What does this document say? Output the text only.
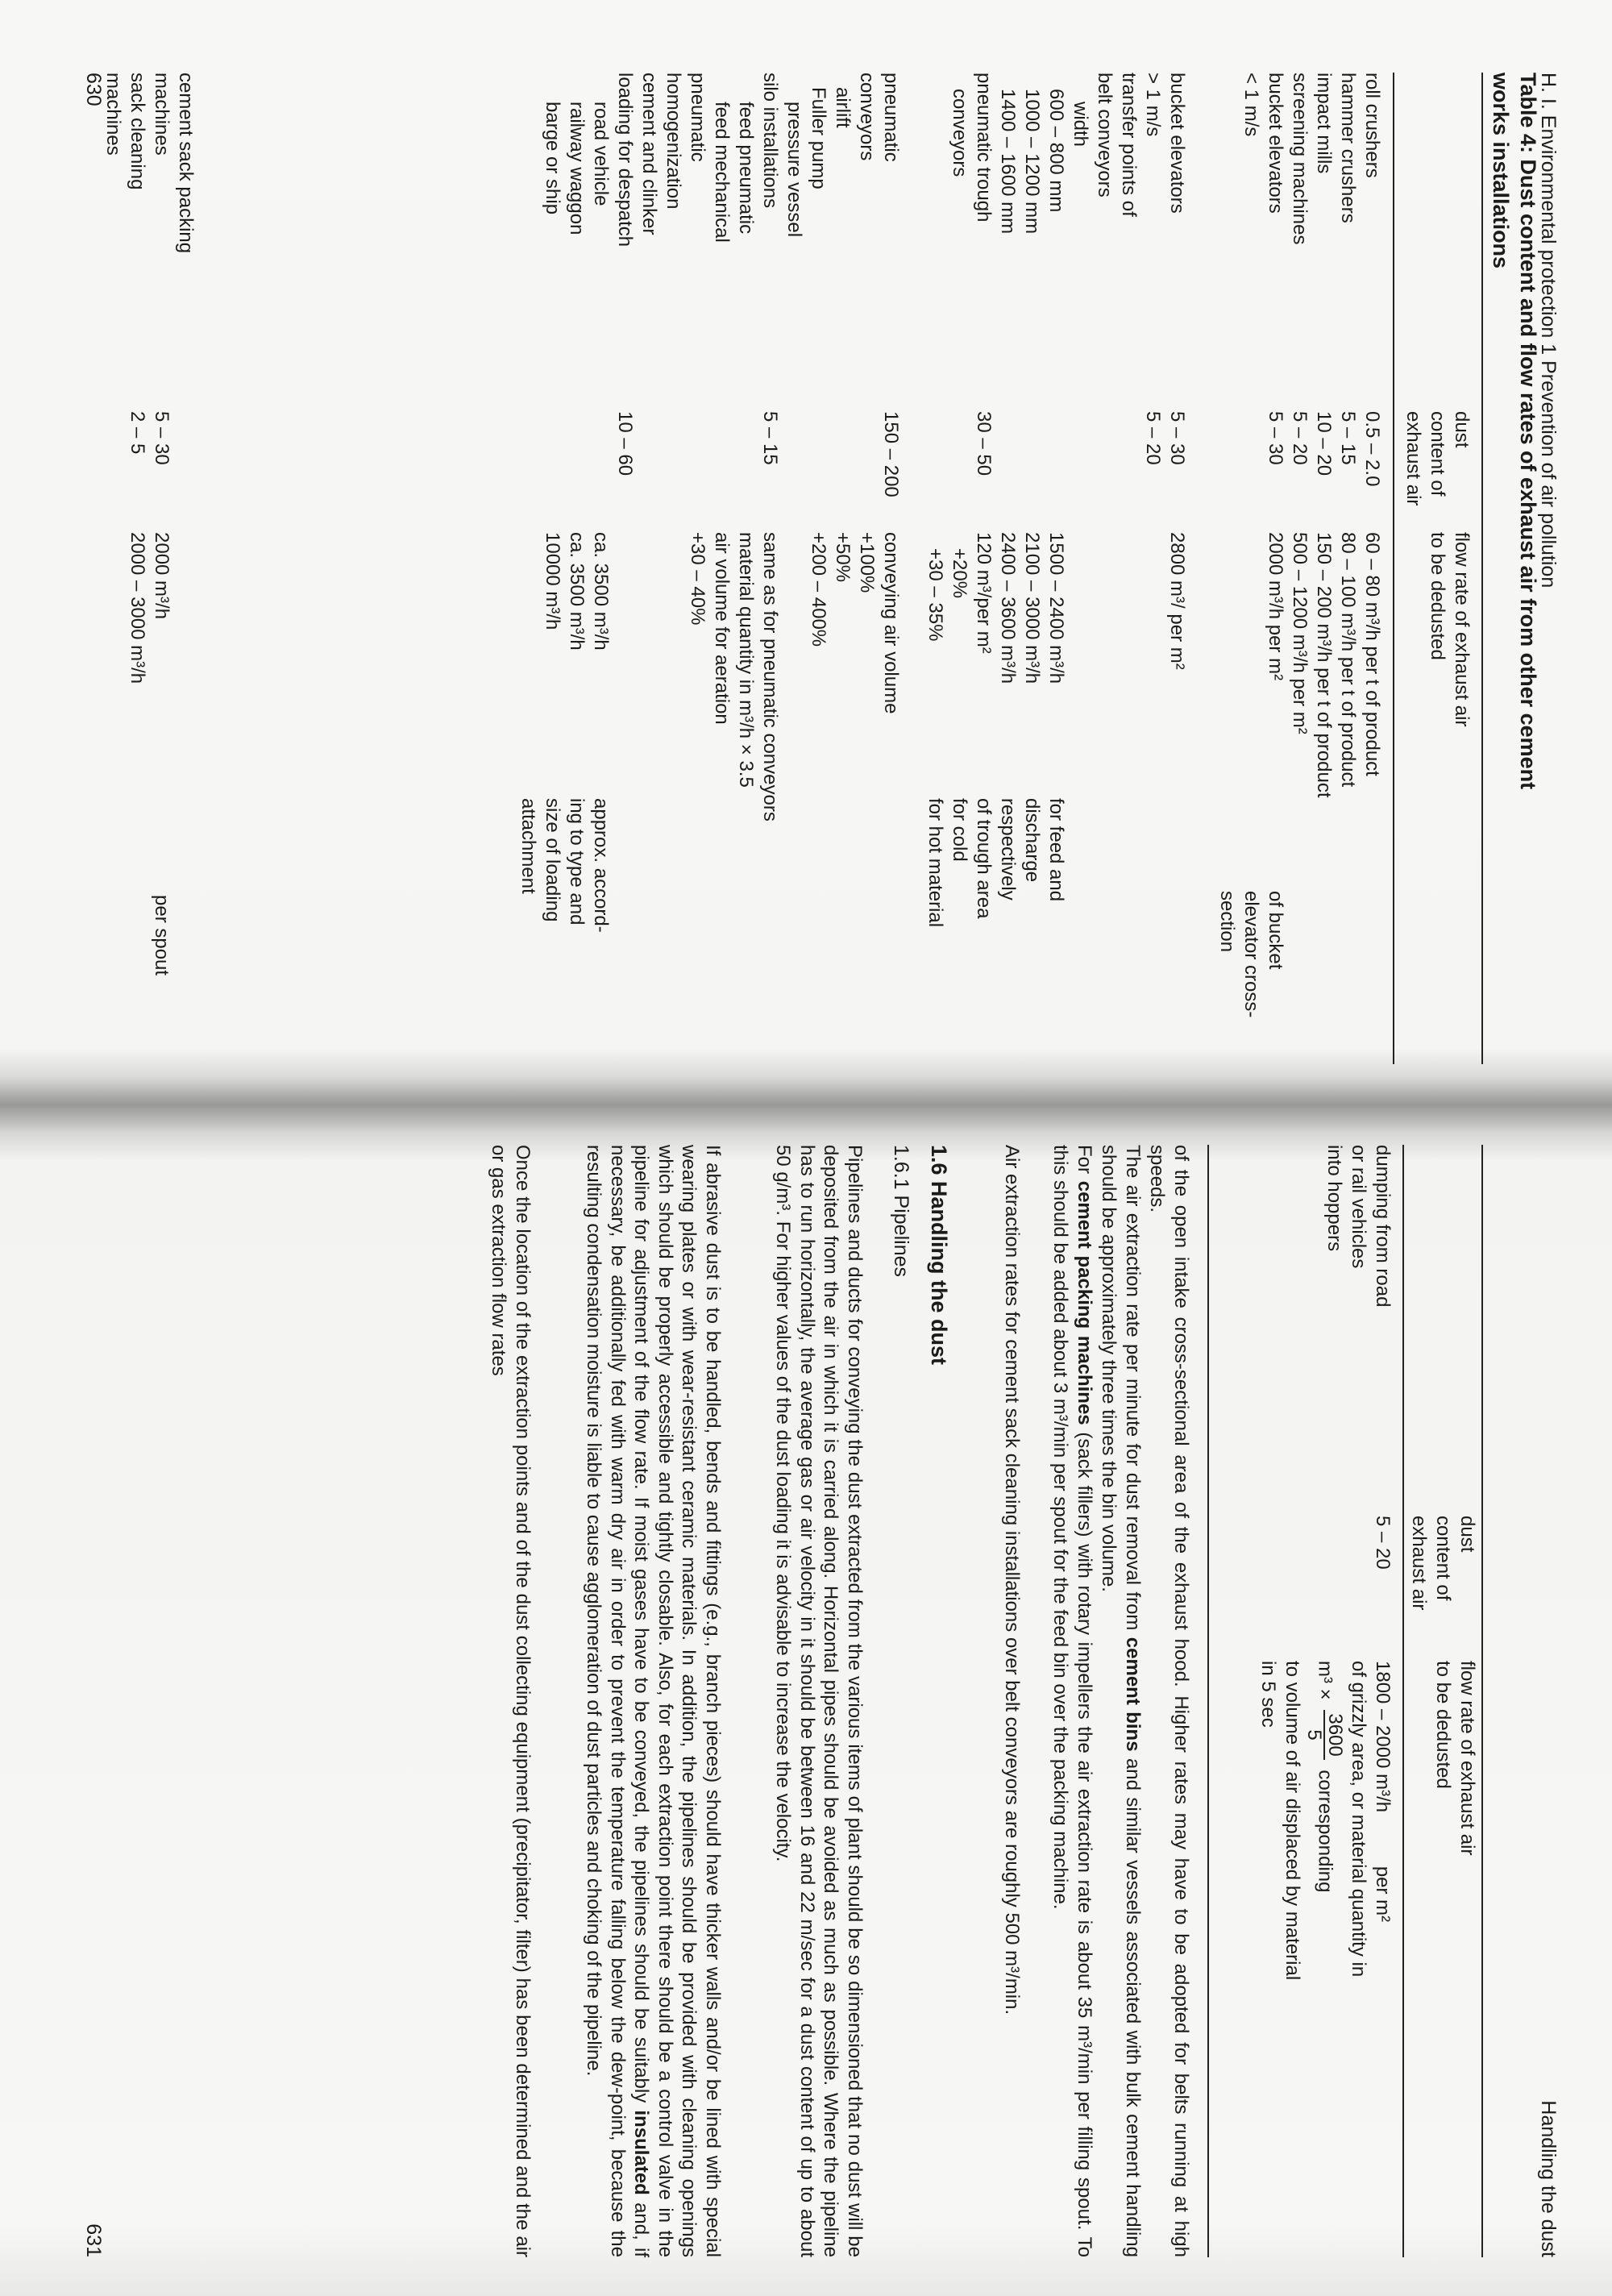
H. I. Environmental protection 1 Prevention of air pollution
Table 4: Dust content and flow rates of exhaust air from other cement
works installations
dust
content of
exhaust air
flow rate of exhaust air
to be dedusted
roll crushers
hammer crushers
impact mills
screening machines
bucket elevators
< 1 m/s
0.5 – 2.0
5 – 15
10 – 20
5 – 20
5 – 30
60 – 80 m³/h per t of product
80 – 100 m³/h per t of product
150 – 200 m³/h per t of product
500 – 1200 m³/h per m²
2000 m³/h per m²
of bucket
elevator cross-
section
bucket elevators
> 1 m/s
transfer points of
belt conveyors
width
600 – 800 mm
1000 – 1200 mm
1400 – 1600 mm
pneumatic trough
conveyors
5 – 30
5 – 20
30 – 50
2800 m³/ per m²
1500 – 2400 m³/h
2100 – 3000 m³/h
2400 – 3600 m³/h
120 m³/per m²
+20%
+30 – 35%
for feed and
discharge
respectively
of trough area
for cold
for hot material
pneumatic
conveyors
airlift
Fuller pump
pressure vessel
silo installations
feed pneumatic
feed mechanical
pneumatic
homogenization
cement and clinker
loading for despatch
road vehicle
railway waggon
barge or ship
150 – 200
5 – 15
10 – 60
conveying air volume
+100%
+50%
+200 – 400%
same as for pneumatic conveyors
material quantity in m³/h × 3.5
air volume for aeration
+30 – 40%
ca. 3500 m³/h
ca. 3500 m³/h
10000 m³/h
approx. accord-
ing to type and
size of loading
attachment
cement sack packing
machines
sack cleaning
machines
5 – 30
2 – 5
2000 m³/h
2000 – 3000 m³/h
per spout
630
Handling the dust
dust
content of
exhaust air
flow rate of exhaust air
to be dedusted
dumping from road
or rail vehicles
into hoppers
5 – 20
1800 – 2000 m³/h          per m²
of grizzly area, or material quantity in
m³ ×
3600
5
corresponding
to volume of air displaced by material
in 5 sec
of the open intake cross-sectional area of the exhaust hood. Higher rates may have to be adopted for belts running at high speeds.
The air extraction rate per minute for dust removal from cement bins and similar vessels associated with bulk cement handling should be approximately three times the bin volume.
For cement packing machines (sack fillers) with rotary impellers the air extraction rate is about 35 m³/min per filling spout. To this should be added about 3 m³/min per spout for the feed bin over the packing machine.
Air extraction rates for cement sack cleaning installations over belt conveyors are roughly 500 m³/min.
1.6 Handling the dust
1.6.1 Pipelines
Pipelines and ducts for conveying the dust extracted from the various items of plant should be so dimensioned that no dust will be deposited from the air in which it is carried along. Horizontal pipes should be avoided as much as possible. Where the pipeline has to run horizontally, the average gas or air velocity in it should be between 16 and 22 m/sec for a dust content of up to about 50 g/m³. For higher values of the dust loading it is advisable to increase the velocity.
If abrasive dust is to be handled, bends and fittings (e.g., branch pieces) should have thicker walls and/or be lined with special wearing plates or with wear-resistant ceramic materials. In addition, the pipelines should be provided with cleaning openings which should be properly accessible and tightly closable. Also, for each extraction point there should be a control valve in the pipeline for adjustment of the flow rate. If moist gases have to be conveyed, the pipelines should be suitably insulated and, if necessary, be additionally fed with warm dry air in order to prevent the temperature falling below the dew-point, because the resulting condensation moisture is liable to cause agglomeration of dust particles and choking of the pipeline.
Once the location of the extraction points and of the dust collecting equipment (precipitator, filter) has been determined and the air or gas extraction flow rates
631
